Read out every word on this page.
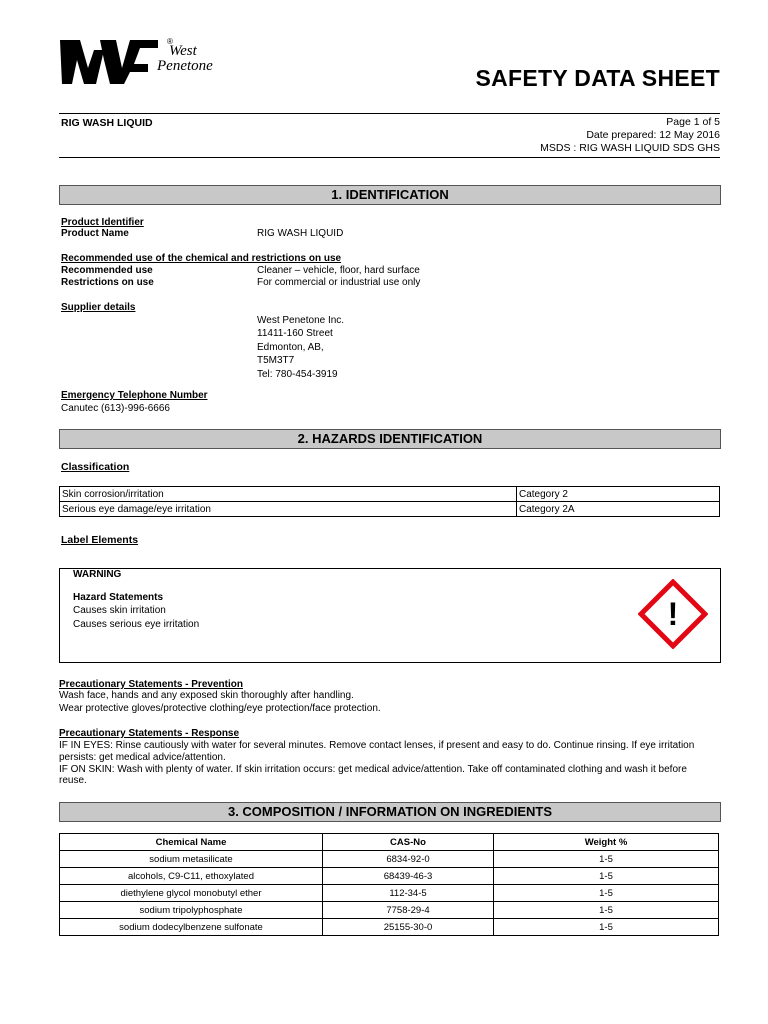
West
Penetone
®
SAFETY DATA SHEET
RIG WASH LIQUID	Page 1 of 5
Date prepared: 12 May 2016
MSDS : RIG WASH LIQUID SDS GHS
1. IDENTIFICATION
Product Identifier
Product Name	RIG WASH LIQUID
Recommended use of the chemical and restrictions on use
Recommended use	Cleaner – vehicle, floor, hard surface
Restrictions on use	For commercial or industrial use only
Supplier details
West Penetone Inc.
11411-160 Street
Edmonton, AB,
T5M3T7
Tel: 780-454-3919
Emergency Telephone Number
Canutec (613)-996-6666
2. HAZARDS IDENTIFICATION
Classification
Skin corrosion/irritation	Category 2
Serious eye damage/eye irritation	Category 2A
Label Elements
WARNING
Hazard Statements
Causes skin irritation
Causes serious eye irritation	!
Precautionary Statements - Prevention
Wash face, hands and any exposed skin thoroughly after handling.
Wear protective gloves/protective clothing/eye protection/face protection.
Precautionary Statements - Response
IF IN EYES: Rinse cautiously with water for several minutes. Remove contact lenses, if present and easy to do. Continue rinsing. If eye irritation
persists: get medical advice/attention.
IF ON SKIN: Wash with plenty of water. If skin irritation occurs: get medical advice/attention. Take off contaminated clothing and wash it before
reuse.
3. COMPOSITION / INFORMATION ON INGREDIENTS
Chemical Name	CAS-No	Weight %
sodium metasilicate	6834-92-0	1-5
alcohols, C9-C11, ethoxylated	68439-46-3	1-5
diethylene glycol monobutyl ether	112-34-5	1-5
sodium tripolyphosphate	7758-29-4	1-5
sodium dodecylbenzene sulfonate	25155-30-0	1-5
